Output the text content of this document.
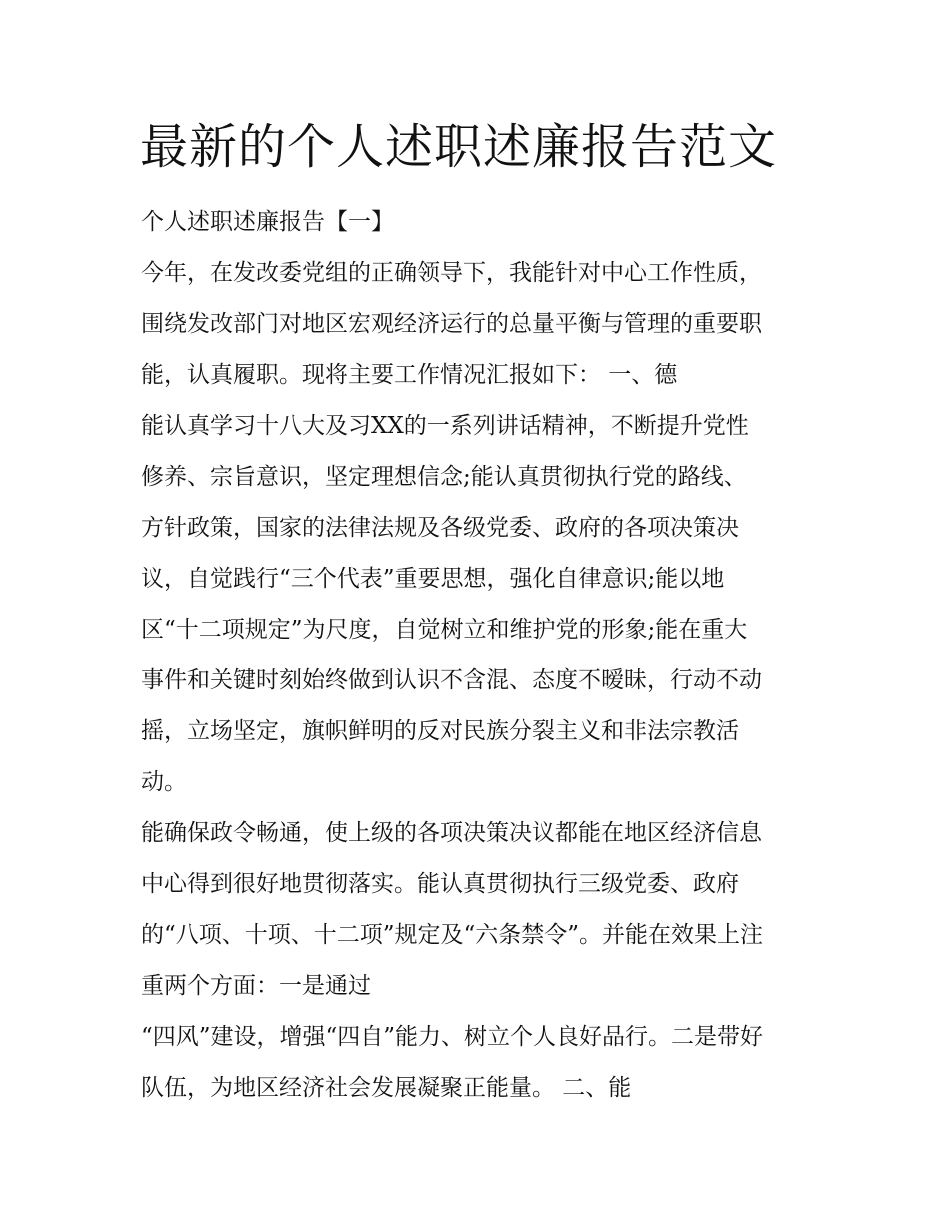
最新的个人述职述廉报告范文
个人述职述廉报告【一】
今年，在发改委党组的正确领导下，我能针对中心工作性质，
围绕发改部门对地区宏观经济运行的总量平衡与管理的重要职
能，认真履职。现将主要工作情况汇报如下： 一、德
能认真学习十八大及习XX的一系列讲话精神，不断提升党性
修养、宗旨意识，坚定理想信念;能认真贯彻执行党的路线、
方针政策，国家的法律法规及各级党委、政府的各项决策决
议，自觉践行“三个代表”重要思想，强化自律意识;能以地
区“十二项规定”为尺度，自觉树立和维护党的形象;能在重大
事件和关键时刻始终做到认识不含混、态度不暧昧，行动不动
摇，立场坚定，旗帜鲜明的反对民族分裂主义和非法宗教活
动。
能确保政令畅通，使上级的各项决策决议都能在地区经济信息
中心得到很好地贯彻落实。能认真贯彻执行三级党委、政府
的“八项、十项、十二项”规定及“六条禁令”。并能在效果上注
重两个方面：一是通过
“四风”建设，增强“四自”能力、树立个人良好品行。二是带好
队伍，为地区经济社会发展凝聚正能量。 二、能
